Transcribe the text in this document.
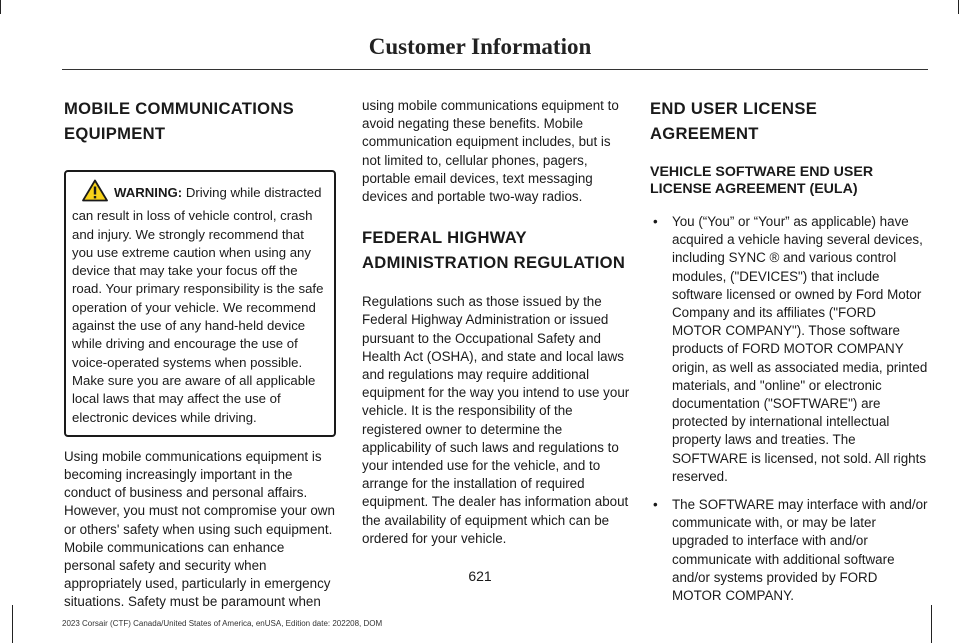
Customer Information
MOBILE COMMUNICATIONS
EQUIPMENT
WARNING: Driving while distracted can result in loss of vehicle control, crash and injury. We strongly recommend that you use extreme caution when using any device that may take your focus off the road. Your primary responsibility is the safe operation of your vehicle. We recommend against the use of any hand-held device while driving and encourage the use of voice-operated systems when possible. Make sure you are aware of all applicable local laws that may affect the use of electronic devices while driving.

Using mobile communications equipment is becoming increasingly important in the conduct of business and personal affairs. However, you must not compromise your own or others' safety when using such equipment. Mobile communications can enhance personal safety and security when appropriately used, particularly in emergency situations. Safety must be paramount when

using mobile communications equipment to avoid negating these benefits. Mobile communication equipment includes, but is not limited to, cellular phones, pagers, portable email devices, text messaging devices and portable two-way radios.

FEDERAL HIGHWAY
ADMINISTRATION REGULATION

Regulations such as those issued by the Federal Highway Administration or issued pursuant to the Occupational Safety and Health Act (OSHA), and state and local laws and regulations may require additional equipment for the way you intend to use your vehicle. It is the responsibility of the registered owner to determine the applicability of such laws and regulations to your intended use for the vehicle, and to arrange for the installation of required equipment. The dealer has information about the availability of equipment which can be ordered for your vehicle.

END USER LICENSE AGREEMENT
VEHICLE SOFTWARE END USER LICENSE AGREEMENT (EULA)
• You (“You” or “Your” as applicable) have acquired a vehicle having several devices, including SYNC ® and various control modules, ("DEVICES") that include software licensed or owned by Ford Motor Company and its affiliates ("FORD MOTOR COMPANY"). Those software products of FORD MOTOR COMPANY origin, as well as associated media, printed materials, and "online" or electronic documentation ("SOFTWARE") are protected by international intellectual property laws and treaties. The SOFTWARE is licensed, not sold. All rights reserved.
• The SOFTWARE may interface with and/or communicate with, or may be later upgraded to interface with and/or communicate with additional software and/or systems provided by FORD MOTOR COMPANY.
621
2023 Corsair (CTF) Canada/United States of America, enUSA, Edition date: 202208, DOM
